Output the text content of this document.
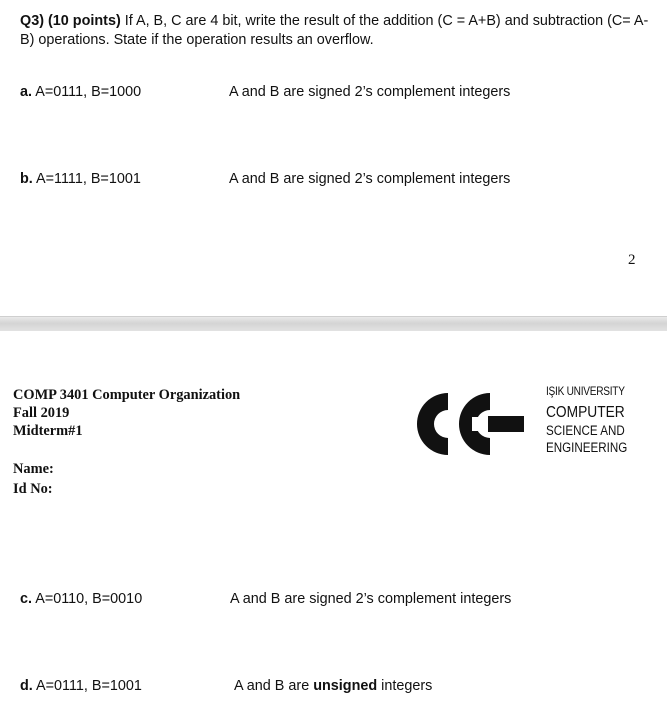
Q3) (10 points) If A, B, C are 4 bit, write the result of the addition (C = A+B) and subtraction (C= A-B) operations. State if the operation results an overflow.
a. A=0111, B=1000	A and B are signed 2’s complement integers
b. A=1111, B=1001	A and B are signed 2’s complement integers
2
COMP 3401 Computer Organization
Fall 2019
Midterm#1
Name:
Id No:
IŞIK UNIVERSITY
COMPUTER
SCIENCE AND
ENGINEERING
c. A=0110, B=0010	A and B are signed 2’s complement integers
d. A=0111, B=1001	A and B are unsigned integers
